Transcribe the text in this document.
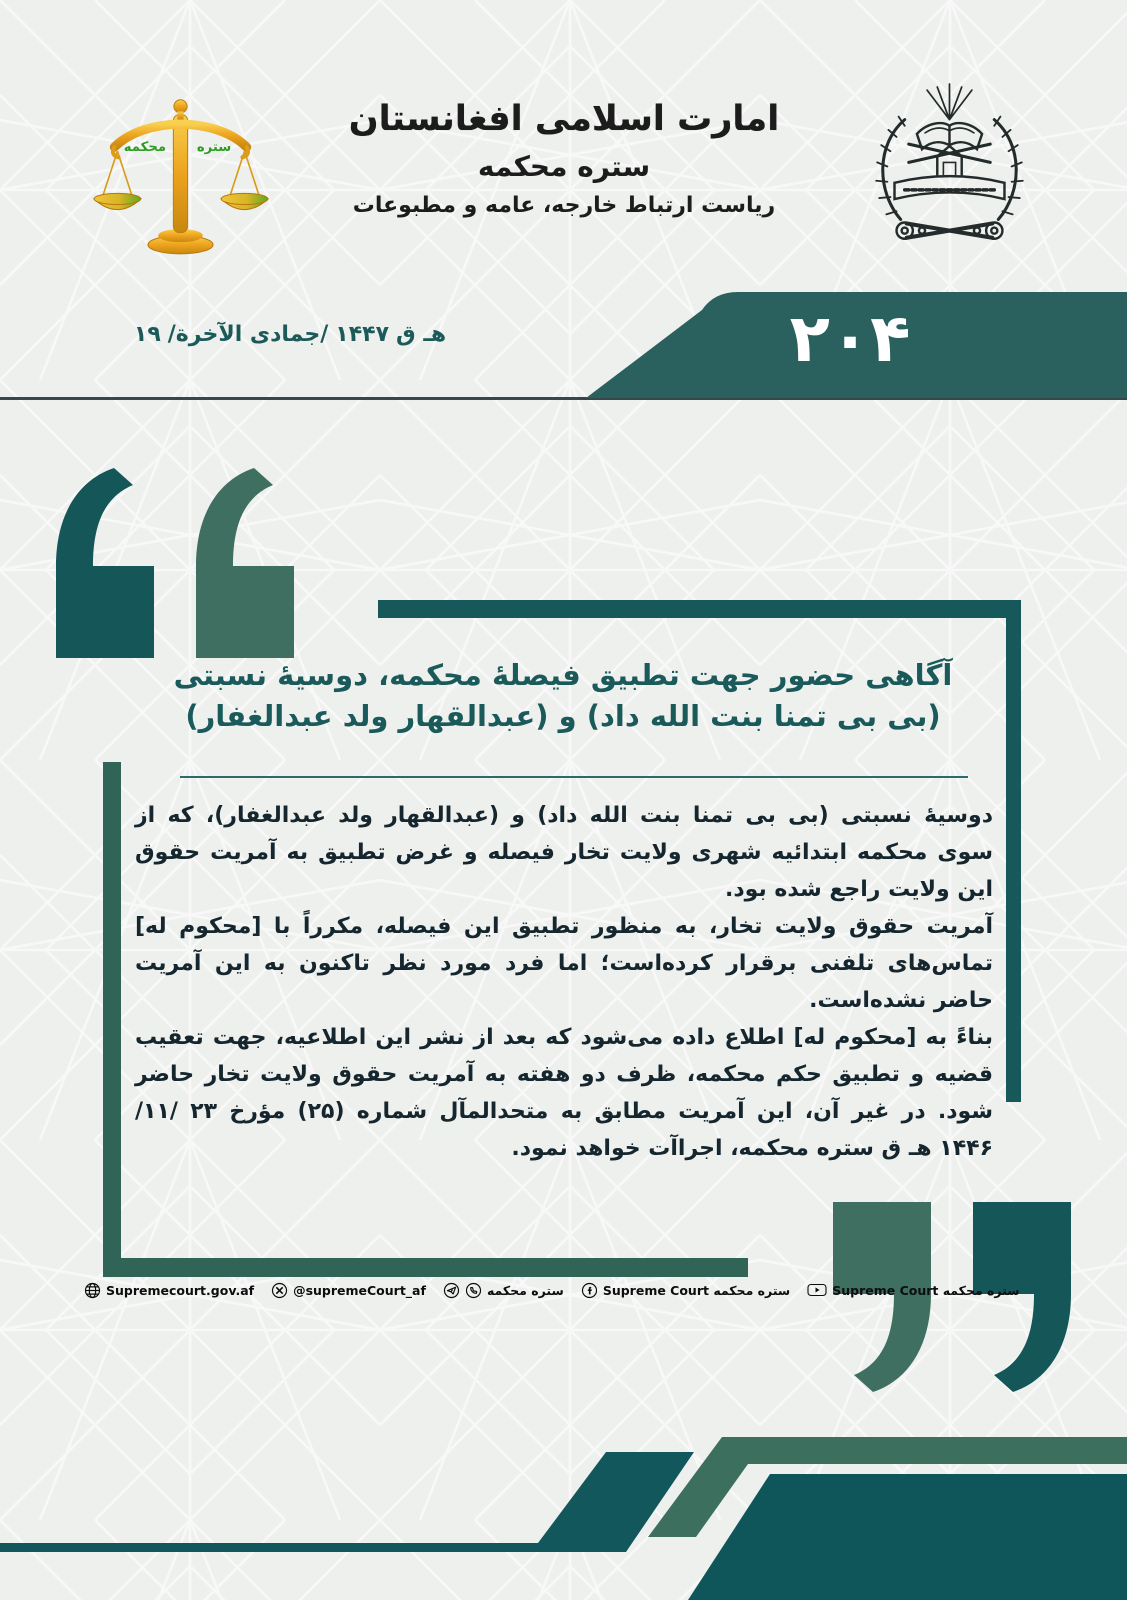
ستره
محکمه
امارت اسلامی افغانستان
ستره محکمه
ریاست ارتباط خارجه، عامه و مطبوعات
۱۹ /جمادی الآخرة/ ۱۴۴۷ هـ ق	۲۰۴
آگاهی حضور جهت تطبیق فیصلهٔ محکمه، دوسیهٔ نسبتی (بی بی تمنا بنت الله داد) و (عبدالقهار ولد عبدالغفار)

دوسیهٔ نسبتی (بی بی تمنا بنت الله داد) و (عبدالقهار ولد عبدالغفار)، که از سوی محکمه ابتدائیه شهری ولایت تخار فیصله و غرض تطبیق به آمریت حقوق این ولایت راجع شده بود.

آمریت حقوق ولایت تخار، به منظور تطبیق این فیصله، مکرراً با [محکوم له] تماس‌های تلفنی برقرار کرده‌است؛ اما فرد مورد نظر تاکنون به این آمریت حاضر نشده‌است.

بناءً به [محکوم له] اطلاع داده می‌شود که بعد از نشر این اطلاعیه، جهت تعقیب قضیه و تطبیق حکم محکمه، ظرف دو هفته به آمریت حقوق ولایت تخار حاضر شود. در غیر آن، این آمریت مطابق به متحدالمآل شماره (۲۵) مؤرخ ۲۳ /۱۱/ ۱۴۴۶ هـ ق ستره محکمه، اجراآت خواهد نمود.

Supremecourt.gov.af	@supremeCourt_af	ستره محکمه	Supreme Court ستره محکمه	Supreme Court ستره محکمه
